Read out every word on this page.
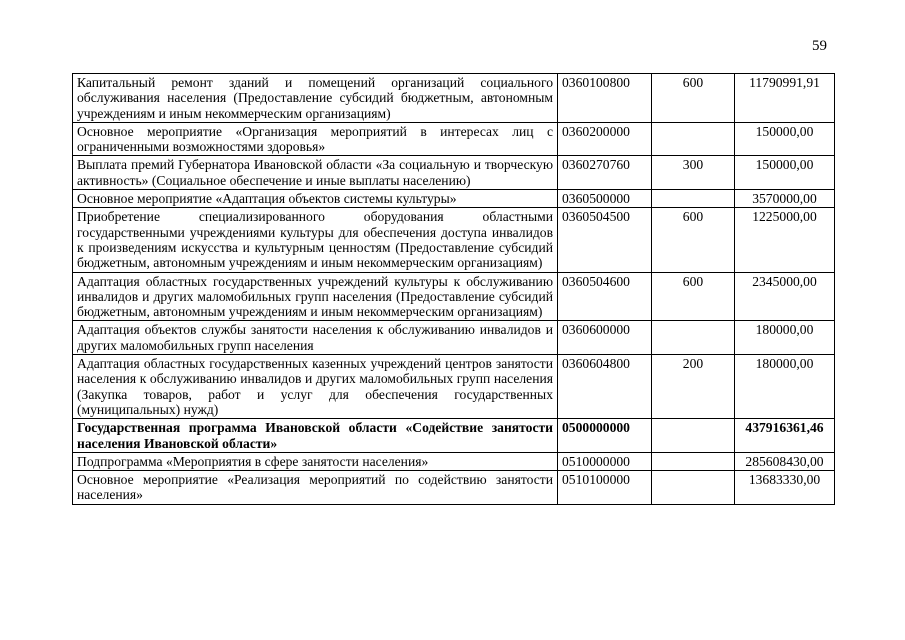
59
Капитальный ремонт зданий и помещений организаций социального обслуживания населения (Предоставление субсидий бюджетным, автономным учреждениям и иным некоммерческим организациям)	0360100800	600	11790991,91
Основное мероприятие «Организация мероприятий в интересах лиц с ограниченными возможностями здоровья»	0360200000		150000,00
Выплата премий Губернатора Ивановской области «За социальную и творческую активность» (Социальное обеспечение и иные выплаты населению)	0360270760	300	150000,00
Основное мероприятие «Адаптация объектов системы культуры»	0360500000		3570000,00
Приобретение специализированного оборудования областными государственными учреждениями культуры для обеспечения доступа инвалидов к произведениям искусства и культурным ценностям (Предоставление субсидий бюджетным, автономным учреждениям и иным некоммерческим организациям)	0360504500	600	1225000,00
Адаптация областных государственных учреждений культуры к обслуживанию инвалидов и других маломобильных групп населения (Предоставление субсидий бюджетным, автономным учреждениям и иным некоммерческим организациям)	0360504600	600	2345000,00
Адаптация объектов службы занятости населения к обслуживанию инвалидов и других маломобильных групп населения	0360600000		180000,00
Адаптация областных государственных казенных учреждений центров занятости населения к обслуживанию инвалидов и других маломобильных групп населения (Закупка товаров, работ и услуг для обеспечения государственных (муниципальных) нужд)	0360604800	200	180000,00
Государственная программа Ивановской области «Содействие занятости населения Ивановской области»	0500000000		437916361,46
Подпрограмма «Мероприятия в сфере занятости населения»	0510000000		285608430,00
Основное мероприятие «Реализация мероприятий по содействию занятости населения»	0510100000		13683330,00
